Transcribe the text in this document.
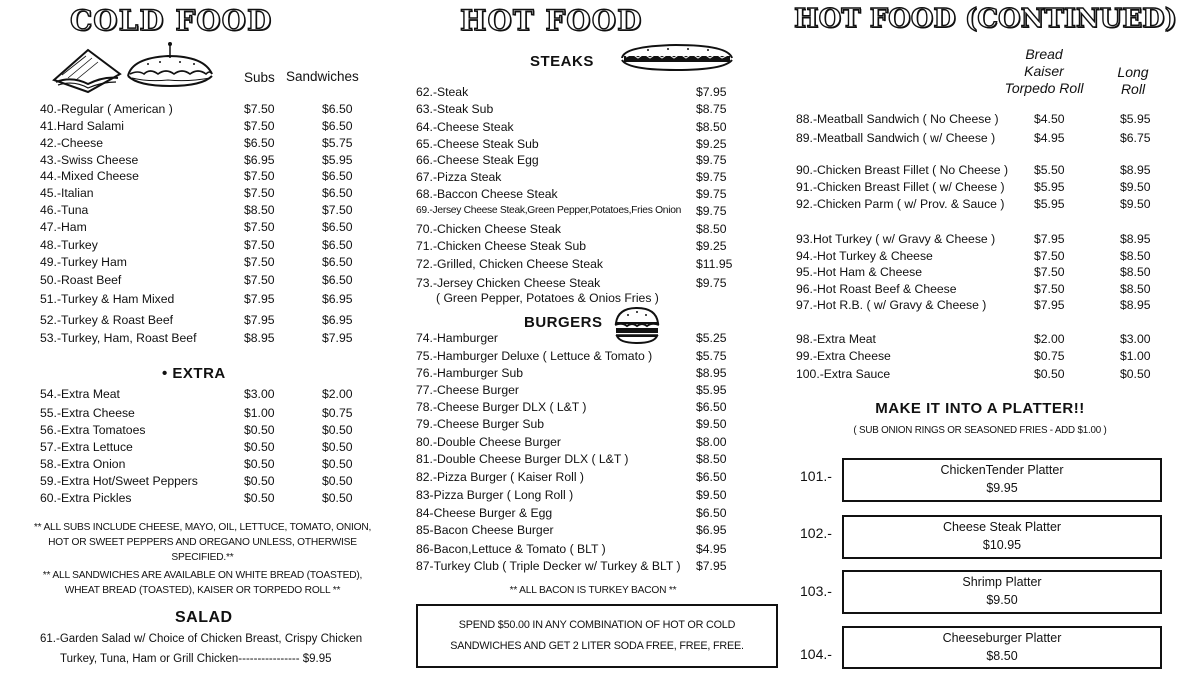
COLD FOOD
Subs Sandwiches
40.-Regular ( American )	$7.50	$6.50
41.Hard Salami	$7.50	$6.50
42.-Cheese	$6.50	$5.75
43.-Swiss Cheese	$6.95	$5.95
44.-Mixed Cheese	$7.50	$6.50
45.-Italian	$7.50	$6.50
46.-Tuna	$8.50	$7.50
47.-Ham	$7.50	$6.50
48.-Turkey	$7.50	$6.50
49.-Turkey Ham	$7.50	$6.50
50.-Roast Beef	$7.50	$6.50
51.-Turkey & Ham Mixed	$7.95	$6.95
52.-Turkey & Roast Beef	$7.95	$6.95
53.-Turkey, Ham, Roast Beef	$8.95	$7.95
• EXTRA
54.-Extra Meat	$3.00	$2.00
55.-Extra Cheese	$1.00	$0.75
56.-Extra Tomatoes	$0.50	$0.50
57.-Extra Lettuce	$0.50	$0.50
58.-Extra Onion	$0.50	$0.50
59.-Extra Hot/Sweet Peppers	$0.50	$0.50
60.-Extra Pickles	$0.50	$0.50
** ALL SUBS INCLUDE CHEESE, MAYO, OIL, LETTUCE, TOMATO, ONION,
HOT OR SWEET PEPPERS AND OREGANO UNLESS, OTHERWISE SPECIFIED.**
** ALL SANDWICHES ARE AVAILABLE ON WHITE BREAD (TOASTED),
WHEAT BREAD (TOASTED), KAISER OR TORPEDO ROLL **
SALAD
61.-Garden Salad w/ Choice of Chicken Breast, Crispy Chicken
Turkey, Tuna, Ham or Grill Chicken---------------- $9.95
HOT FOOD
STEAKS
62.-Steak	$7.95
63.-Steak Sub	$8.75
64.-Cheese Steak	$8.50
65.-Cheese Steak Sub	$9.25
66.-Cheese Steak Egg	$9.75
67.-Pizza Steak	$9.75
68.-Baccon Cheese Steak	$9.75
69.-Jersey Cheese Steak,Green Pepper,Potatoes,Fries Onion $9.75
70.-Chicken Cheese Steak	$8.50
71.-Chicken Cheese Steak Sub	$9.25
72.-Grilled, Chicken Cheese Steak	$11.95
73.-Jersey Chicken Cheese Steak	$9.75
( Green Pepper, Potatoes & Onios Fries )
BURGERS
74.-Hamburger	$5.25
75.-Hamburger Deluxe ( Lettuce & Tomato )	$5.75
76.-Hamburger Sub	$8.95
77.-Cheese Burger	$5.95
78.-Cheese Burger DLX ( L&T )	$6.50
79.-Cheese Burger Sub	$9.50
80.-Double Cheese Burger	$8.00
81.-Double Cheese Burger DLX ( L&T )	$8.50
82.-Pizza Burger ( Kaiser Roll )	$6.50
83-Pizza Burger ( Long Roll )	$9.50
84-Cheese Burger & Egg	$6.50
85-Bacon Cheese Burger	$6.95
86-Bacon,Lettuce & Tomato ( BLT )	$4.95
87-Turkey Club ( Triple Decker w/ Turkey & BLT ) $7.95
** ALL BACON IS TURKEY BACON **
SPEND $50.00 IN ANY COMBINATION OF HOT OR COLD
SANDWICHES AND GET 2 LITER SODA FREE, FREE, FREE.
HOT FOOD (CONTINUED)
Bread
Kaiser
Torpedo Roll
Long
Roll
88.-Meatball Sandwich ( No Cheese )	$4.50	$5.95
89.-Meatball Sandwich ( w/ Cheese )	$4.95	$6.75
90.-Chicken Breast Fillet ( No Cheese ) $5.50	$8.95
91.-Chicken Breast Fillet ( w/ Cheese ) $5.95	$9.50
92.-Chicken Parm ( w/ Prov. & Sauce ) $5.95	$9.50
93.Hot Turkey ( w/ Gravy & Cheese )	$7.95	$8.95
94.-Hot Turkey & Cheese	$7.50	$8.50
95.-Hot Ham & Cheese	$7.50	$8.50
96.-Hot Roast Beef & Cheese	$7.50	$8.50
97.-Hot R.B. ( w/ Gravy & Cheese )	$7.95	$8.95
98.-Extra Meat	$2.00	$3.00
99.-Extra Cheese	$0.75	$1.00
100.-Extra Sauce	$0.50	$0.50
MAKE IT INTO A PLATTER!!
( SUB ONION RINGS OR SEASONED FRIES - ADD $1.00 )
101.-	ChickenTender Platter
$9.95
102.-	Cheese Steak Platter
$10.95
103.-
Shrimp Platter
$9.50
104.-
Cheeseburger Platter
$8.50
